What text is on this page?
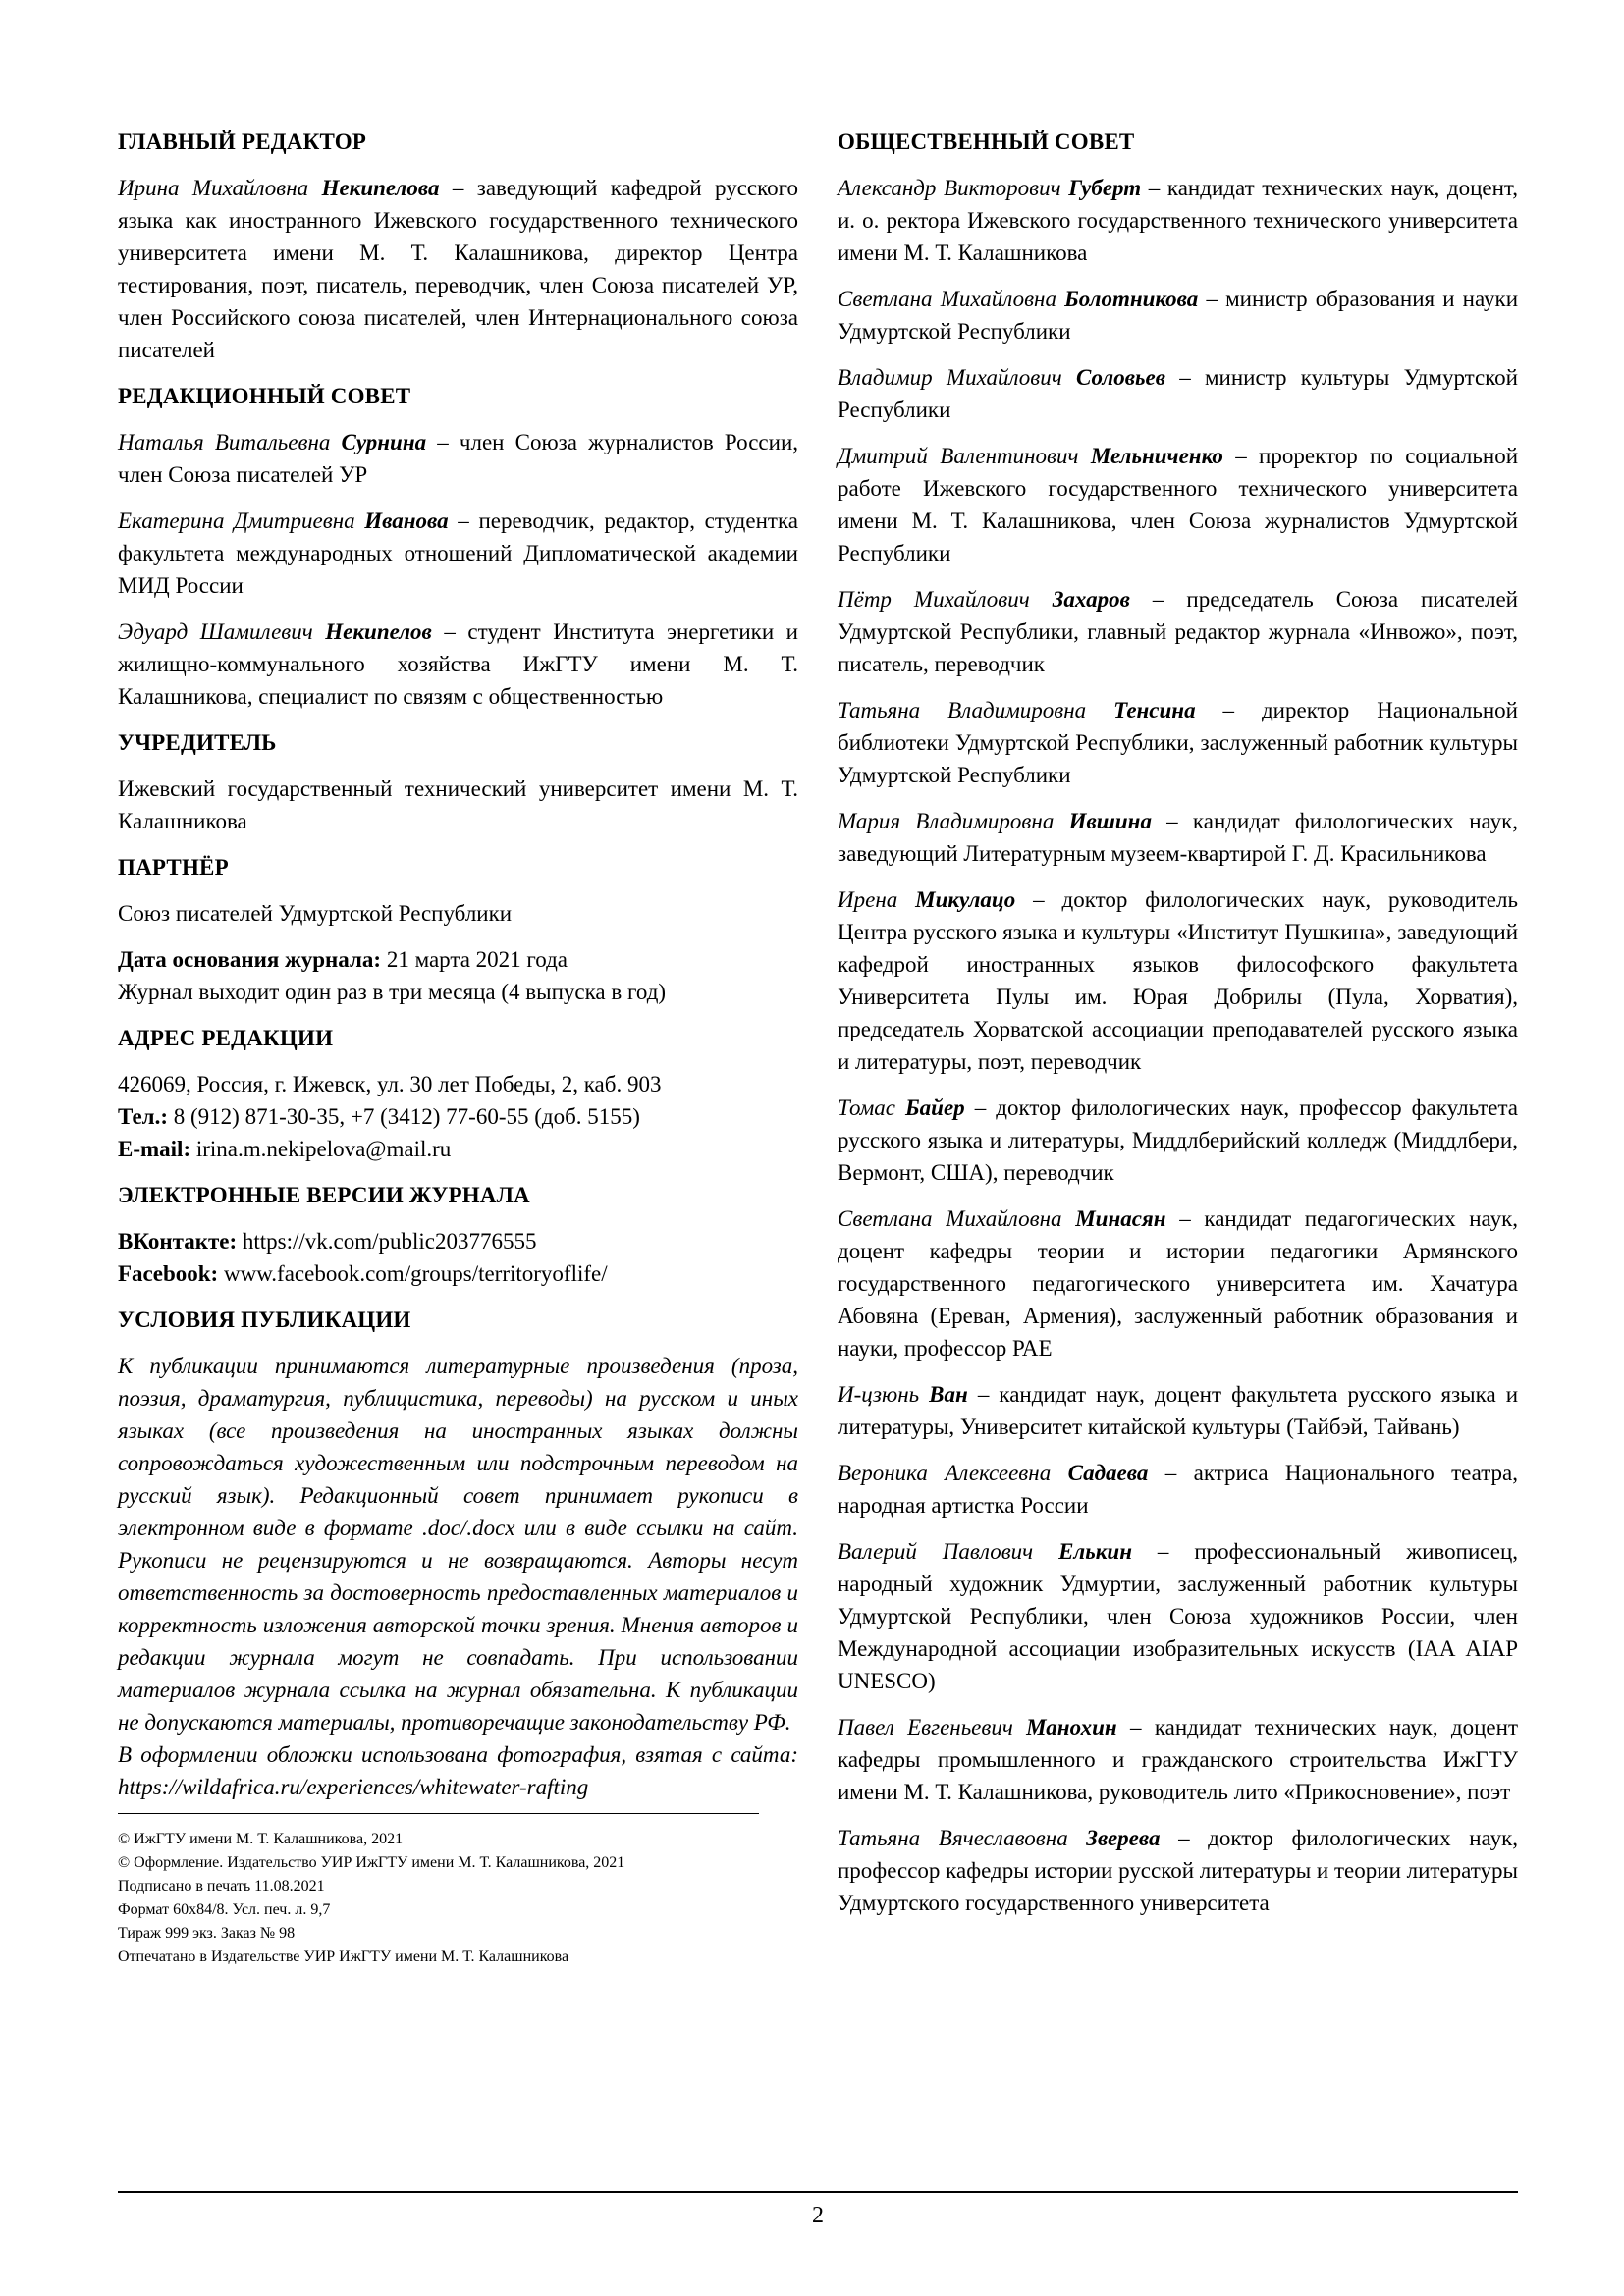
ГЛАВНЫЙ РЕДАКТОР
Ирина Михайловна Некипелова – заведующий кафедрой русского языка как иностранного Ижевского государственного технического университета имени М. Т. Калашникова, директор Центра тестирования, поэт, писатель, переводчик, член Союза писателей УР, член Российского союза писателей, член Интернационального союза писателей
РЕДАКЦИОННЫЙ СОВЕТ
Наталья Витальевна Сурнина – член Союза журналистов России, член Союза писателей УР
Екатерина Дмитриевна Иванова – переводчик, редактор, студентка факультета международных отношений Дипломатической академии МИД России
Эдуард Шамилевич Некипелов – студент Института энергетики и жилищно-коммунального хозяйства ИжГТУ имени М. Т. Калашникова, специалист по связям с общественностью
УЧРЕДИТЕЛЬ
Ижевский государственный технический университет имени М. Т. Калашникова
ПАРТНЁР
Союз писателей Удмуртской Республики
Дата основания журнала: 21 марта 2021 года
Журнал выходит один раз в три месяца (4 выпуска в год)
АДРЕС РЕДАКЦИИ
426069, Россия, г. Ижевск, ул. 30 лет Победы, 2, каб. 903
Тел.: 8 (912) 871-30-35, +7 (3412) 77-60-55 (доб. 5155)
E-mail: irina.m.nekipelova@mail.ru
ЭЛЕКТРОННЫЕ ВЕРСИИ ЖУРНАЛА
ВКонтакте: https://vk.com/public203776555
Facebook: www.facebook.com/groups/territoryoflife/
УСЛОВИЯ ПУБЛИКАЦИИ
К публикации принимаются литературные произведения (проза, поэзия, драматургия, публицистика, переводы) на русском и иных языках (все произведения на иностранных языках должны сопровождаться художественным или подстрочным переводом на русский язык). Редакционный совет принимает рукописи в электронном виде в формате .doc/.docx или в виде ссылки на сайт. Рукописи не рецензируются и не возвращаются. Авторы несут ответственность за достоверность предоставленных материалов и корректность изложения авторской точки зрения. Мнения авторов и редакции журнала могут не совпадать. При использовании материалов журнала ссылка на журнал обязательна. К публикации не допускаются материалы, противоречащие законодательству РФ.
В оформлении обложки использована фотография, взятая с сайта: https://wildafrica.ru/experiences/whitewater-rafting
© ИжГТУ имени М. Т. Калашникова, 2021
© Оформление. Издательство УИР ИжГТУ имени М. Т. Калашникова, 2021
Подписано в печать 11.08.2021
Формат 60х84/8. Усл. печ. л. 9,7
Тираж 999 экз. Заказ № 98
Отпечатано в Издательстве УИР ИжГТУ имени М. Т. Калашникова
ОБЩЕСТВЕННЫЙ СОВЕТ
Александр Викторович Губерт – кандидат технических наук, доцент, и. о. ректора Ижевского государственного технического университета имени М. Т. Калашникова
Светлана Михайловна Болотникова – министр образования и науки Удмуртской Республики
Владимир Михайлович Соловьев – министр культуры Удмуртской Республики
Дмитрий Валентинович Мельниченко – проректор по социальной работе Ижевского государственного технического университета имени М. Т. Калашникова, член Союза журналистов Удмуртской Республики
Пётр Михайлович Захаров – председатель Союза писателей Удмуртской Республики, главный редактор журнала «Инвожо», поэт, писатель, переводчик
Татьяна Владимировна Тенсина – директор Национальной библиотеки Удмуртской Республики, заслуженный работник культуры Удмуртской Республики
Мария Владимировна Ившина – кандидат филологических наук, заведующий Литературным музеем-квартирой Г. Д. Красильникова
Ирена Микулацо – доктор филологических наук, руководитель Центра русского языка и культуры «Институт Пушкина», заведующий кафедрой иностранных языков философского факультета Университета Пулы им. Юрая Добрилы (Пула, Хорватия), председатель Хорватской ассоциации преподавателей русского языка и литературы, поэт, переводчик
Томас Байер – доктор филологических наук, профессор факультета русского языка и литературы, Миддлберийский колледж (Миддлбери, Вермонт, США), переводчик
Светлана Михайловна Минасян – кандидат педагогических наук, доцент кафедры теории и истории педагогики Армянского государственного педагогического университета им. Хачатура Абовяна (Ереван, Армения), заслуженный работник образования и науки, профессор РАЕ
И-цзюнь Ван – кандидат наук, доцент факультета русского языка и литературы, Университет китайской культуры (Тайбэй, Тайвань)
Вероника Алексеевна Садаева – актриса Национального театра, народная артистка России
Валерий Павлович Елькин – профессиональный живописец, народный художник Удмуртии, заслуженный работник культуры Удмуртской Республики, член Союза художников России, член Международной ассоциации изобразительных искусств (IAA AIAP UNESCO)
Павел Евгеньевич Манохин – кандидат технических наук, доцент кафедры промышленного и гражданского строительства ИжГТУ имени М. Т. Калашникова, руководитель лито «Прикосновение», поэт
Татьяна Вячеславовна Зверева – доктор филологических наук, профессор кафедры истории русской литературы и теории литературы Удмуртского государственного университета
2
